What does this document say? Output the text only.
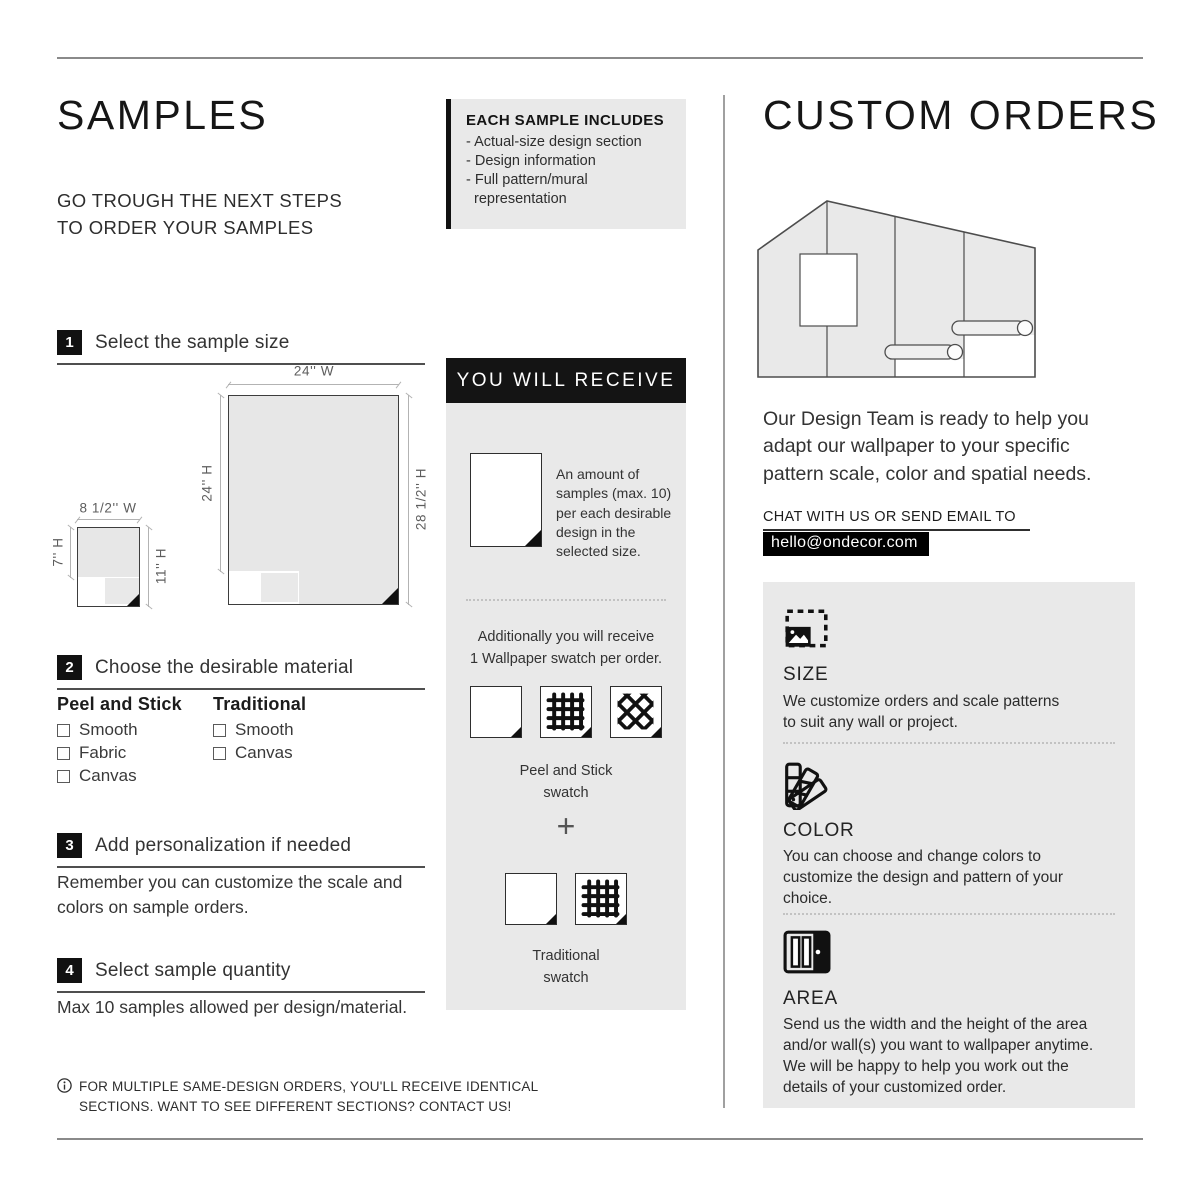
SAMPLES
GO TROUGH THE NEXT STEPS
TO ORDER YOUR SAMPLES
1	Select the sample size
8 1/2'' W
7'' H	11'' H
24'' W
24'' H	28 1/2'' H
2	Choose the desirable material
Peel and Stick
Smooth
Fabric
Canvas
Traditional
Smooth
Canvas
3	Add personalization if needed
Remember you can customize the scale and colors on sample orders.
4	Select sample quantity
Max 10 samples allowed per design/material.
FOR MULTIPLE SAME-DESIGN ORDERS, YOU'LL RECEIVE IDENTICAL
SECTIONS. WANT TO SEE DIFFERENT SECTIONS? CONTACT US!
EACH SAMPLE INCLUDES
- Actual-size design section
- Design information
- Full pattern/mural representation
YOU WILL RECEIVE
An amount of samples (max. 10) per each desirable design in the selected size.
Additionally you will receive
1 Wallpaper swatch per order.
Peel and Stick
swatch
+
Traditional
swatch
CUSTOM ORDERS
Our Design Team is ready to help you
adapt our wallpaper to your specific
pattern scale, color and spatial needs.
CHAT WITH US OR SEND EMAIL TO
hello@ondecor.com
SIZE
We customize orders and scale patterns
to suit any wall or project.
COLOR
You can choose and change colors to
customize the design and pattern of your
choice.
AREA
Send us the width and the height of the area
and/or wall(s) you want to wallpaper anytime.
We will be happy to help you work out the
details of your customized order.
